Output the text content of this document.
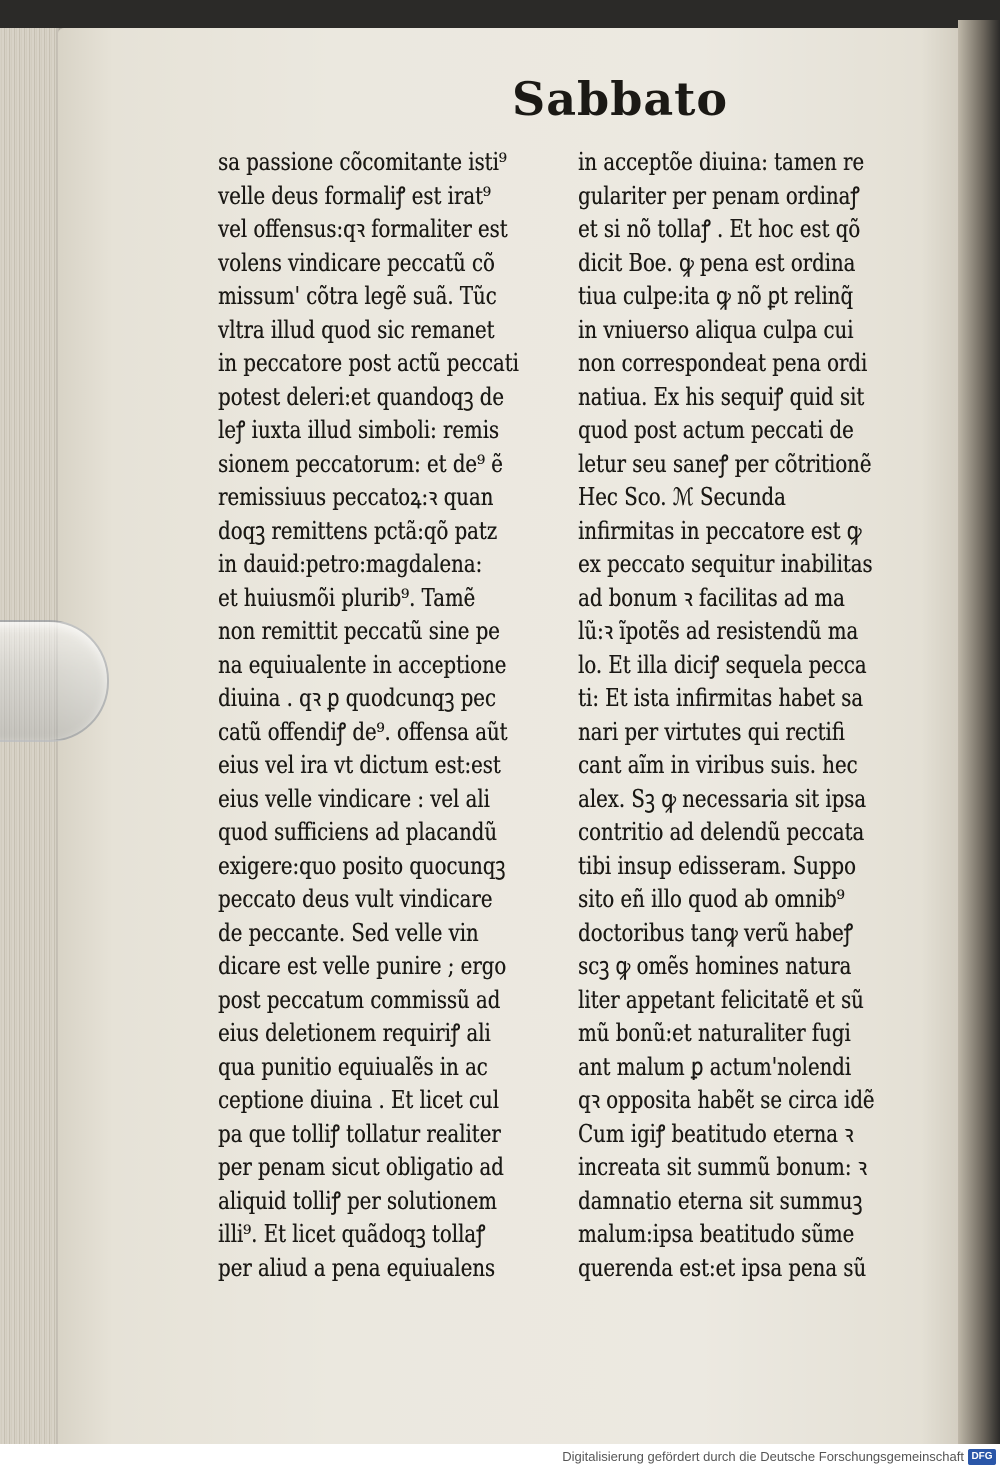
Sabbato
sa passione cõcomitante isti⁹
velle deus formaliꝭ est irat⁹
vel offensus:qꝛ formaliter est
volens vindicare peccatũ cõ
missum' cõtra legẽ suã. Tũc
vltra illud quod sic remanet
in peccatore post actũ peccati
potest deleri:et quandoqꝫ de
leꝭ iuxta illud simboli: remis
sionem peccatorum: et de⁹ ẽ
remissiuus peccatoꝝ:ꝛ quan
doqꝫ remittens pctã:qõ patz
in dauid:petro:magdalena:
et huiusmõi plurib⁹. Tamẽ
non remittit peccatũ sine pe
na equiualente in acceptione
diuina . qꝛ ꝑ quodcunqꝫ pec
catũ offendiꝭ de⁹. offensa aũt
eius vel ira vt dictum est:est
eius velle vindicare : vel ali
quod sufficiens ad placandũ
exigere:quo posito quocunqꝫ
peccato deus vult vindicare
de peccante. Sed velle vin
dicare est velle punire ; ergo
post peccatum commissũ ad
eius deletionem requiriꝭ ali
qua punitio equiualẽs in ac
ceptione diuina . Et licet cul
pa que tolliꝭ tollatur realiter
per penam sicut obligatio ad
aliquid tolliꝭ per solutionem
illi⁹. Et licet quãdoqꝫ tollaꝭ
per aliud a pena equiualens
in acceptõe diuina: tamen re
gulariter per penam ordinaꝭ
et si nõ tollaꝭ . Et hoc est qõ
dicit Boe. ꝙ pena est ordina
tiua culpe:ita ꝙ nõ ꝑt relinq̃
in vniuerso aliqua culpa cui
non correspondeat pena ordi
natiua. Ex his sequiꝭ quid sit
quod post actum peccati de
letur seu saneꝭ per cõtritionẽ
Hec Sco. ℳ Secunda
infirmitas in peccatore est ꝙ
ex peccato sequitur inabilitas
ad bonum ꝛ facilitas ad ma
lũ:ꝛ ĩpotẽs ad resistendũ ma
lo. Et illa diciꝭ sequela pecca
ti: Et ista infirmitas habet sa
nari per virtutes qui rectifi
cant aĩm in viribus suis. hec
alex. Sꝫ ꝙ necessaria sit ipsa
contritio ad delendũ peccata
tibi insup edisseram. Suppo
sito eñ illo quod ab omnib⁹
doctoribus tanꝙ verũ habeꝭ
scꝫ ꝙ omẽs homines natura
liter appetant felicitatẽ et sũ
mũ bonũ:et naturaliter fugi
ant malum ꝑ actum'nolendi
qꝛ opposita habẽt se circa idẽ
Cum igiꝭ beatitudo eterna ꝛ
increata sit summũ bonum: ꝛ
damnatio eterna sit summuꝫ
malum:ipsa beatitudo sũme
querenda est:et ipsa pena sũ
Digitalisierung gefördert durch die Deutsche Forschungsgemeinschaft DFG
